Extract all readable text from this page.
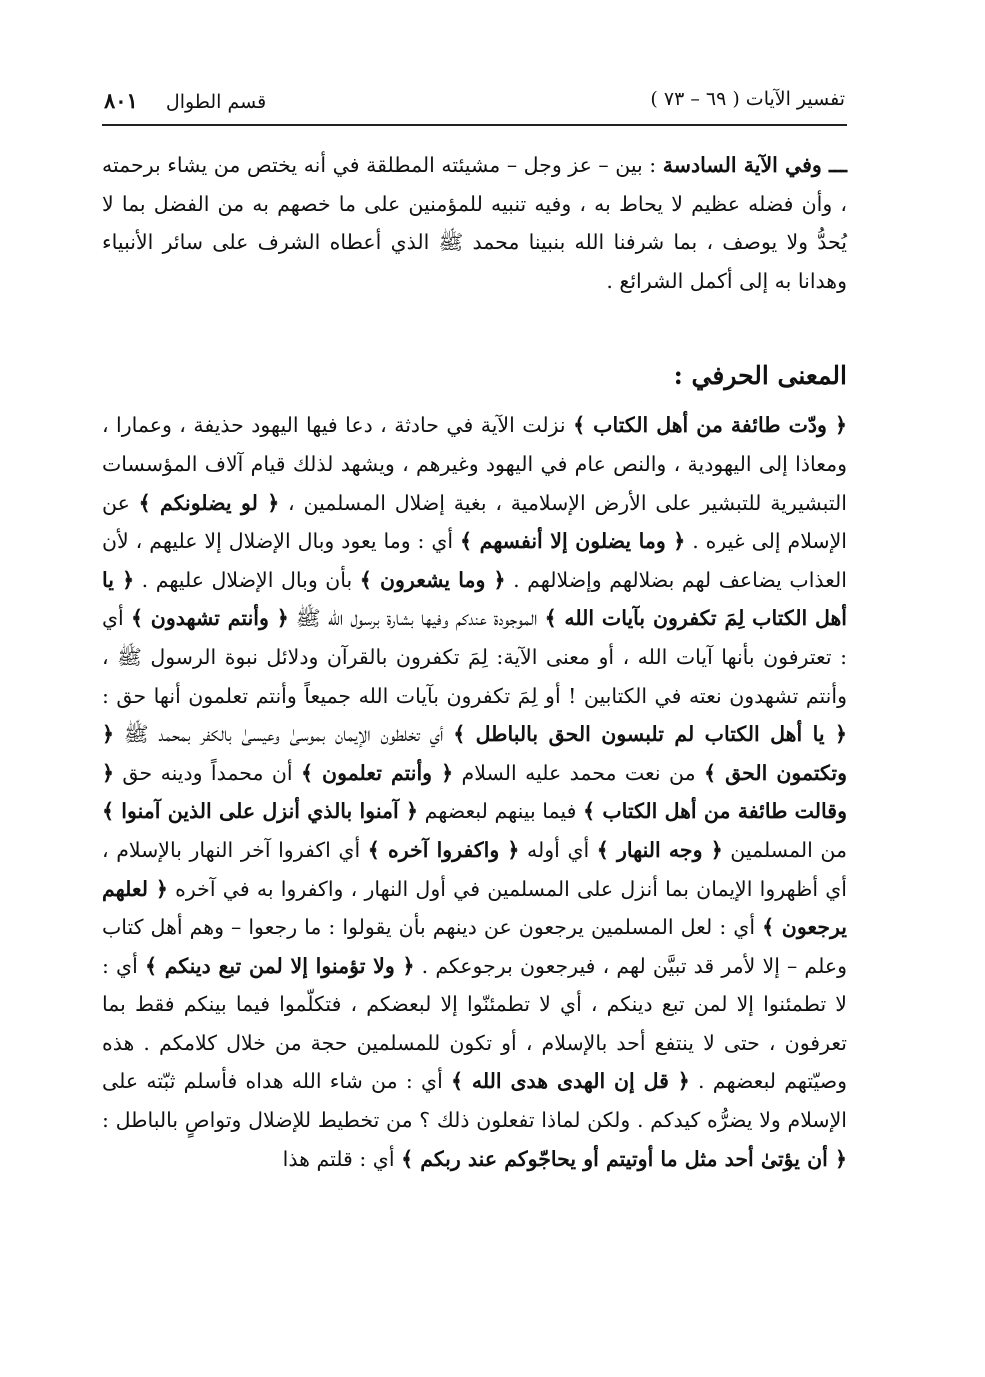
تفسير الآيات ( ٦٩ – ٧٣ )
قسم الطوال ٨٠١

ـــ وفي الآية السادسة : بين – عز وجل – مشيئته المطلقة في أنه يختص من يشاء برحمته ، وأن فضله عظيم لا يحاط به ، وفيه تنبيه للمؤمنين على ما خصهم به من الفضل بما لا يُحدُّ ولا يوصف ، بما شرفنا الله بنبينا محمد ﷺ الذي أعطاه الشرف على سائر الأنبياء وهدانا به إلى أكمل الشرائع .

المعنى الحرفي :

﴿ ودّت طائفة من أهل الكتاب ﴾ نزلت الآية في حادثة ، دعا فيها اليهود حذيفة ، وعمارا ، ومعاذا إلى اليهودية ، والنص عام في اليهود وغيرهم ، ويشهد لذلك قيام آلاف المؤسسات التبشيرية للتبشير على الأرض الإسلامية ، بغية إضلال المسلمين ، ﴿ لو يضلونكم ﴾ عن الإسلام إلى غيره . ﴿ وما يضلون إلا أنفسهم ﴾ أي : وما يعود وبال الإضلال إلا عليهم ، لأن العذاب يضاعف لهم بضلالهم وإضلالهم . ﴿ وما يشعرون ﴾ بأن وبال الإضلال عليهم . ﴿ يا أهل الكتاب لِمَ تكفرون بآيات الله ﴾ الموجودة عندكم وفيها بشارة برسول الله ﷺ ﴿ وأنتم تشهدون ﴾ أي : تعترفون بأنها آيات الله ، أو معنى الآية: لِمَ تكفرون بالقرآن ودلائل نبوة الرسول ﷺ ، وأنتم تشهدون نعته في الكتابين ! أو لِمَ تكفرون بآيات الله جميعاً وأنتم تعلمون أنها حق : ﴿ يا أهل الكتاب لم تلبسون الحق بالباطل ﴾ أي تخلطون الإيمان بموسىٰ وعيسىٰ بالكفر بمحمد ﷺ ﴿ وتكتمون الحق ﴾ من نعت محمد عليه السلام ﴿ وأنتم تعلمون ﴾ أن محمداً ودينه حق ﴿ وقالت طائفة من أهل الكتاب ﴾ فيما بينهم لبعضهم ﴿ آمنوا بالذي أنزل على الذين آمنوا ﴾ من المسلمين ﴿ وجه النهار ﴾ أي أوله ﴿ واكفروا آخره ﴾ أي اكفروا آخر النهار بالإسلام ، أي أظهروا الإيمان بما أنزل على المسلمين في أول النهار ، واكفروا به في آخره ﴿ لعلهم يرجعون ﴾ أي : لعل المسلمين يرجعون عن دينهم بأن يقولوا : ما رجعوا – وهم أهل كتاب وعلم – إلا لأمر قد تبيَّن لهم ، فيرجعون برجوعكم . ﴿ ولا تؤمنوا إلا لمن تبع دينكم ﴾ أي : لا تطمئنوا إلا لمن تبع دينكم ، أي لا تطمئنّوا إلا لبعضكم ، فتكلّموا فيما بينكم فقط بما تعرفون ، حتى لا ينتفع أحد بالإسلام ، أو تكون للمسلمين حجة من خلال كلامكم . هذه وصيّتهم لبعضهم . ﴿ قل إن الهدى هدى الله ﴾ أي : من شاء الله هداه فأسلم ثبّته على الإسلام ولا يضرُّه كيدكم . ولكن لماذا تفعلون ذلك ؟ من تخطيط للإضلال وتواصٍ بالباطل : ﴿ أن يؤتىٰ أحد مثل ما أوتيتم أو يحاجّوكم عند ربكم ﴾ أي : قلتم هذا
